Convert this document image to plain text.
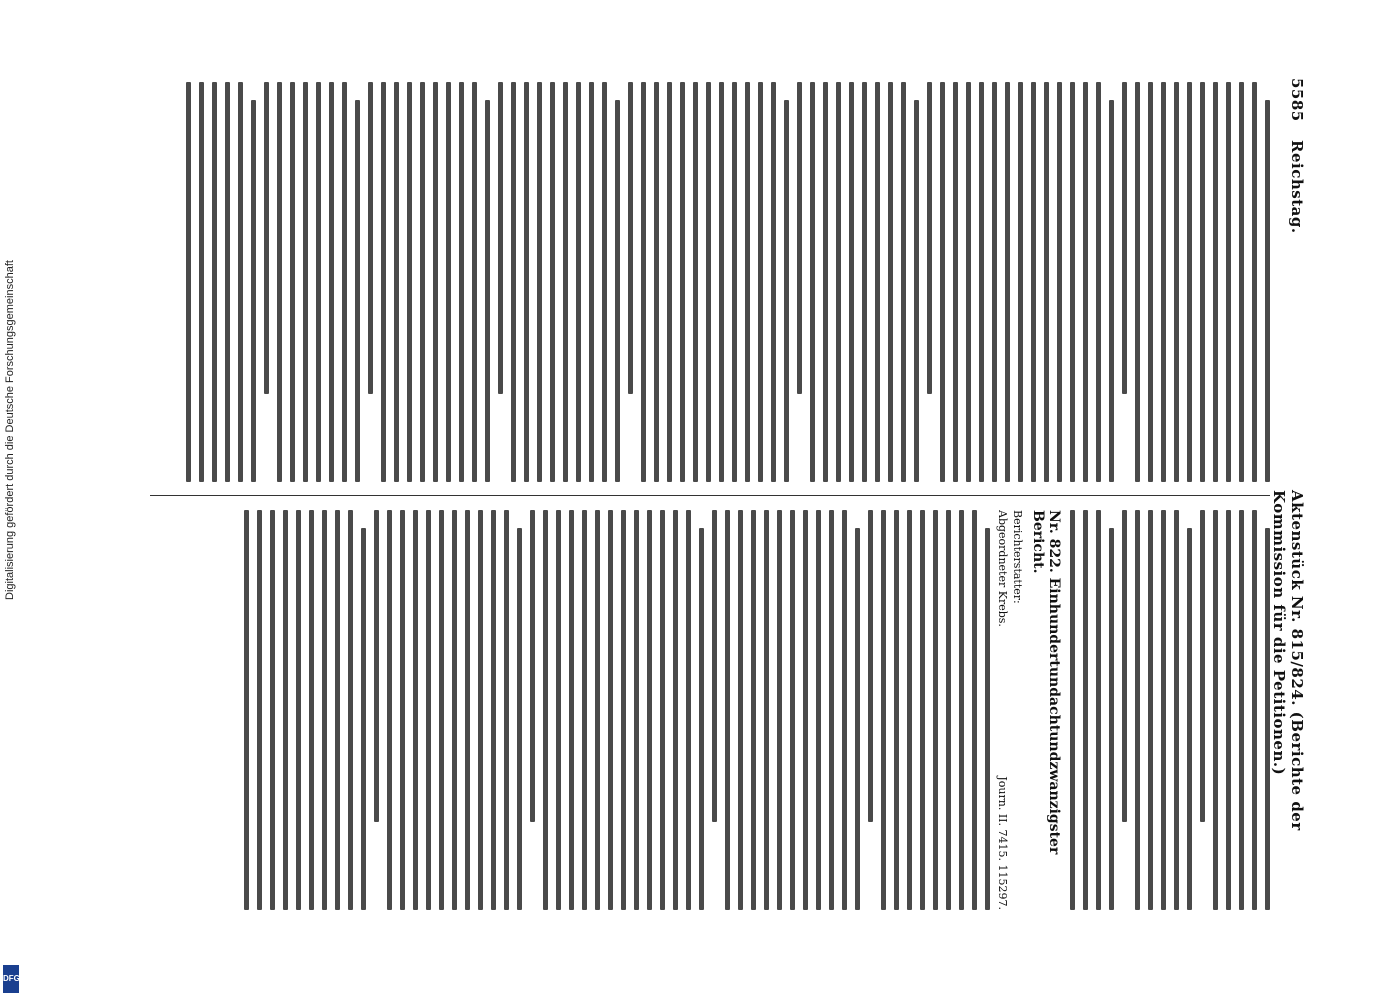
Digitalisierung gefördert durch die Deutsche Forschungsgemeinschaft
DFG
5585
Reichstag.
Aktenstück Nr. 815/824. (Berichte der Kommission für die Petitionen.)
Nr. 822. Einhundertundachtundzwanzigster Bericht.
Berichterstatter:
Abgeordneter Krebs.
Journ. II. 7415. 115297.
